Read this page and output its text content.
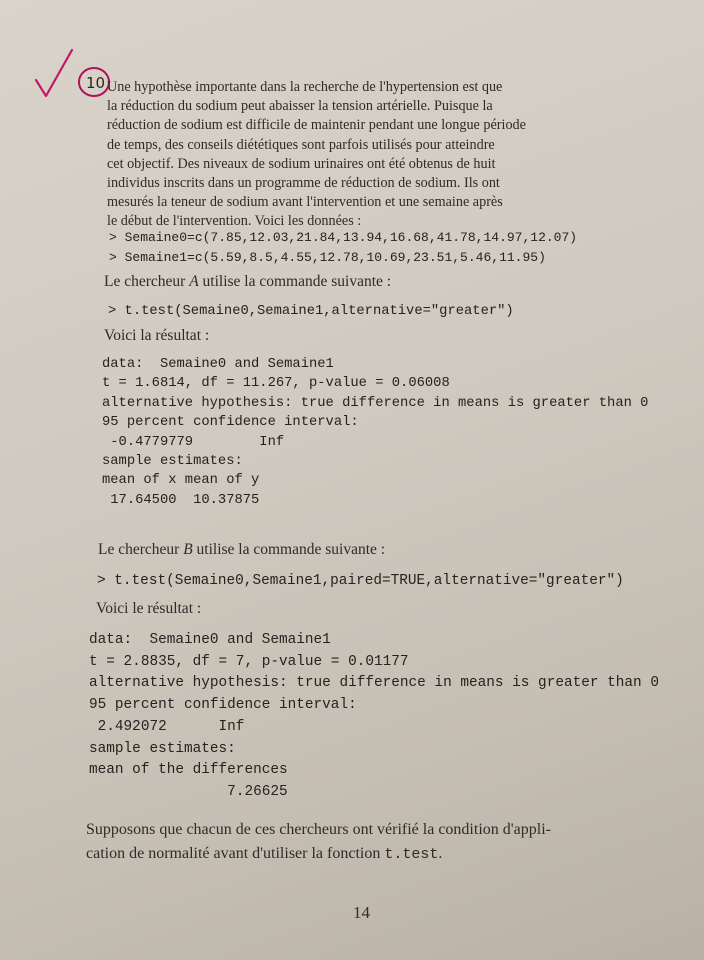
10 Une hypothèse importante dans la recherche de l'hypertension est que
la réduction du sodium peut abaisser la tension artérielle. Puisque la
réduction de sodium est difficile de maintenir pendant une longue période
de temps, des conseils diététiques sont parfois utilisés pour atteindre
cet objectif. Des niveaux de sodium urinaires ont été obtenus de huit
individus inscrits dans un programme de réduction de sodium. Ils ont
mesurés la teneur de sodium avant l'intervention et une semaine après
le début de l'intervention. Voici les données :
> Semaine0=c(7.85,12.03,21.84,13.94,16.68,41.78,14.97,12.07)
> Semaine1=c(5.59,8.5,4.55,12.78,10.69,23.51,5.46,11.95)
Le chercheur A utilise la commande suivante :
> t.test(Semaine0,Semaine1,alternative="greater")
Voici la résultat :
data:  Semaine0 and Semaine1
t = 1.6814, df = 11.267, p-value = 0.06008
alternative hypothesis: true difference in means is greater than 0
95 percent confidence interval:
-0.4779779        Inf
sample estimates:
mean of x mean of y
17.64500  10.37875
Le chercheur B utilise la commande suivante :
> t.test(Semaine0,Semaine1,paired=TRUE,alternative="greater")
Voici le résultat :
data:  Semaine0 and Semaine1
t = 2.8835, df = 7, p-value = 0.01177
alternative hypothesis: true difference in means is greater than 0
95 percent confidence interval:
2.492072      Inf
sample estimates:
mean of the differences
7.26625
Supposons que chacun de ces chercheurs ont vérifié la condition d'appli-
cation de normalité avant d'utiliser la fonction t.test.
14
